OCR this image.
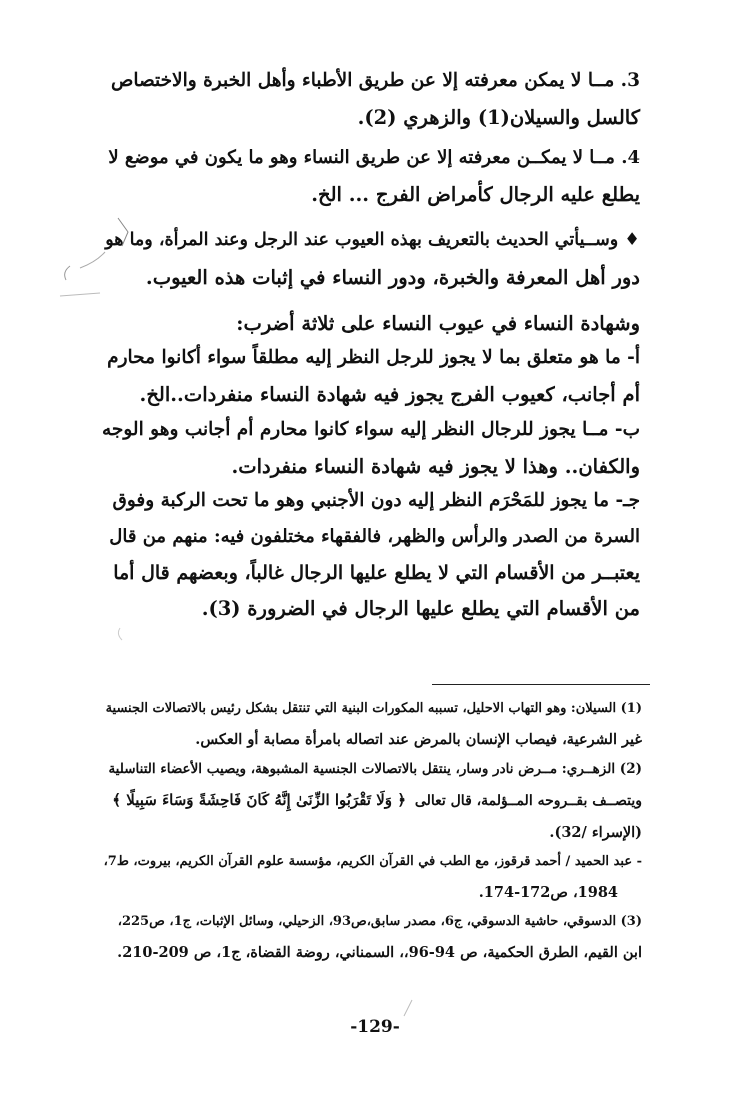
3. مــا لا يمكن معرفته إلا عن طريق الأطباء وأهل الخبرة والاختصاص
كالسل والسيلان(1) والزهري (2).
4. مــا لا يمكــن معرفته إلا عن طريق النساء وهو ما يكون في موضع لا
يطلع عليه الرجال كأمراض الفرج ... الخ.
♦ وســيأتي الحديث بالتعريف بهذه العيوب عند الرجل وعند المرأة، وما هو
دور أهل المعرفة والخبرة، ودور النساء في إثبات هذه العيوب.
وشهادة النساء في عيوب النساء على ثلاثة أضرب:
أ- ما هو متعلق بما لا يجوز للرجل النظر إليه مطلقاً سواء أكانوا محارم
أم أجانب، كعيوب الفرج يجوز فيه شهادة النساء منفردات..الخ.
ب- مــا يجوز للرجال النظر إليه سواء كانوا محارم أم أجانب وهو الوجه
والكفان.. وهذا لا يجوز فيه شهادة النساء منفردات.
جـ- ما يجوز للمَحْرَم النظر إليه دون الأجنبي وهو ما تحت الركبة وفوق
السرة من الصدر والرأس والظهر، فالفقهاء مختلفون فيه: منهم من قال
يعتبــر من الأقسام التي لا يطلع عليها الرجال غالباً، وبعضهم قال أما
من الأقسام التي يطلع عليها الرجال في الضرورة (3).
(1) السيلان: وهو التهاب الاحليل، تسببه المكورات البنية التي تنتقل بشكل رئيس بالاتصالات الجنسية
غير الشرعية، فيصاب الإنسان بالمرض عند اتصاله بامرأة مصابة أو العكس.
(2) الزهــري: مــرض نادر وسار، ينتقل بالاتصالات الجنسية المشبوهة، ويصيب الأعضاء التناسلية
ويتصــف بقــروحه المــؤلمة، قال تعالى ﴿ وَلَا تَقْرَبُوا الزِّنَىٰ إِنَّهُ كَانَ فَاحِشَةً وَسَاءَ سَبِيلًا ﴾
(الإسراء /32).
- عبد الحميد / أحمد قرقوز، مع الطب في القرآن الكريم، مؤسسة علوم القرآن الكريم، بيروت، ط7،
1984، ص172-174.
(3) الدسوقي، حاشية الدسوقي، ج6، مصدر سابق،ص93، الزحيلي، وسائل الإثبات، ج1، ص225،
ابن القيم، الطرق الحكمية، ص 94-96،، السمناني، روضة القضاة، ج1، ص 209-210.
-129-
